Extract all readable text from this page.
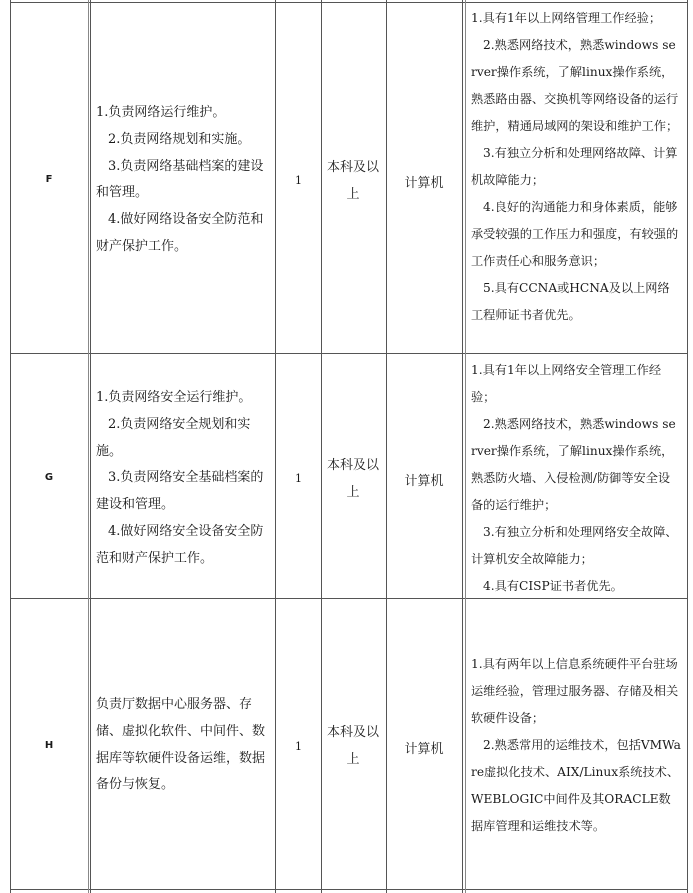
F
1.负责网络运行维护。
2.负责网络规划和实施。
3.负责网络基础档案的建设和管理。
4.做好网络设备安全防范和财产保护工作。
1
本科及以上
计算机
1.具有1年以上网络管理工作经验；
2.熟悉网络技术，熟悉windows server操作系统，了解linux操作系统，熟悉路由器、交换机等网络设备的运行维护，精通局域网的架设和维护工作；
3.有独立分析和处理网络故障、计算机故障能力；
4.良好的沟通能力和身体素质，能够承受较强的工作压力和强度，有较强的工作责任心和服务意识；
5.具有CCNA或HCNA及以上网络工程师证书者优先。
G
1.负责网络安全运行维护。
2.负责网络安全规划和实施。
3.负责网络安全基础档案的建设和管理。
4.做好网络安全设备安全防范和财产保护工作。
1
本科及以上
计算机
1.具有1年以上网络安全管理工作经验；
2.熟悉网络技术，熟悉windows server操作系统，了解linux操作系统，熟悉防火墙、入侵检测/防御等安全设备的运行维护；
3.有独立分析和处理网络安全故障、计算机安全故障能力；
4.具有CISP证书者优先。
H
负责厅数据中心服务器、存储、虚拟化软件、中间件、数据库等软硬件设备运维，数据备份与恢复。
1
本科及以上
计算机
1.具有两年以上信息系统硬件平台驻场运维经验，管理过服务器、存储及相关软硬件设备；
2.熟悉常用的运维技术，包括VMWare虚拟化技术、AIX/Linux系统技术、WEBLOGIC中间件及其ORACLE数据库管理和运维技术等。
